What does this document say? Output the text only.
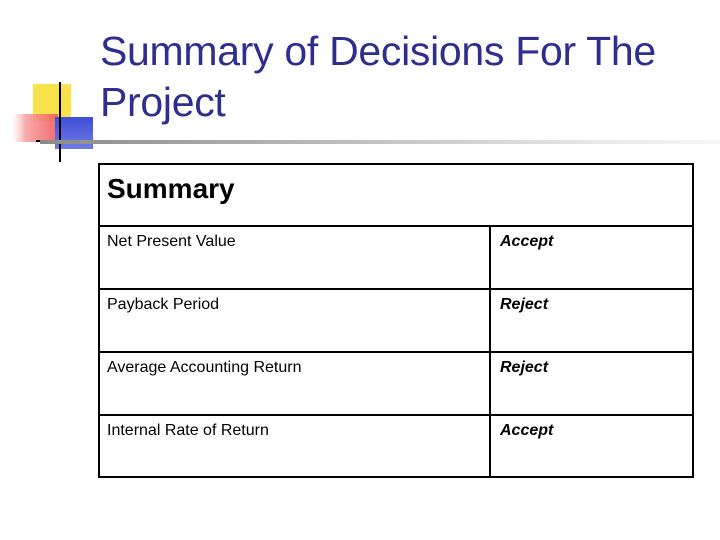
Summary of Decisions For The Project
Summary
Net Present Value	Accept
Payback Period	Reject
Average Accounting Return	Reject
Internal Rate of Return	Accept
